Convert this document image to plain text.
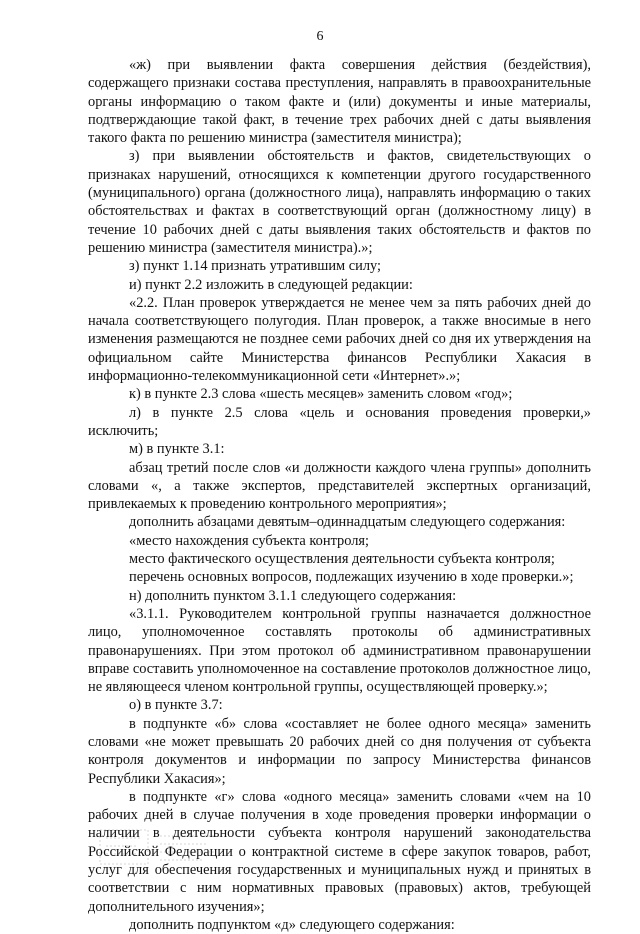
6

«ж) при выявлении факта совершения действия (бездействия), содержащего признаки состава преступления, направлять в правоохранительные органы информацию о таком факте и (или) документы и иные материалы, подтверждающие такой факт, в течение трех рабочих дней с даты выявления такого факта по решению министра (заместителя министра);

з) при выявлении обстоятельств и фактов, свидетельствующих о признаках нарушений, относящихся к компетенции другого государственного (муниципального) органа (должностного лица), направлять информацию о таких обстоятельствах и фактах в соответствующий орган (должностному лицу) в течение 10 рабочих дней с даты выявления таких обстоятельств и фактов по решению министра (заместителя министра).»;

з) пункт 1.14 признать утратившим силу;

и) пункт 2.2 изложить в следующей редакции:

«2.2. План проверок утверждается не менее чем за пять рабочих дней до начала соответствующего полугодия. План проверок, а также вносимые в него изменения размещаются не позднее семи рабочих дней со дня их утверждения на официальном сайте Министерства финансов Республики Хакасия в информационно-телекоммуникационной сети «Интернет».»;

к) в пункте 2.3 слова «шесть месяцев» заменить словом «год»;

л) в пункте 2.5 слова «цель и основания проведения проверки,» исключить;

м) в пункте 3.1:

абзац третий после слов «и должности каждого члена группы» дополнить словами «, а также экспертов, представителей экспертных организаций, привлекаемых к проведению контрольного мероприятия»;

дополнить абзацами девятым–одиннадцатым следующего содержания:

«место нахождения субъекта контроля;

место фактического осуществления деятельности субъекта контроля;

перечень основных вопросов, подлежащих изучению в ходе проверки.»;

н) дополнить пунктом 3.1.1 следующего содержания:

«3.1.1. Руководителем контрольной группы назначается должностное лицо, уполномоченное составлять протоколы об административных правонарушениях. При этом протокол об административном правонарушении вправе составить уполномоченное на составление протоколов должностное лицо, не являющееся членом контрольной группы, осуществляющей проверку.»;

о) в пункте 3.7:

в подпункте «б» слова «составляет не более одного месяца» заменить словами «не может превышать 20 рабочих дней со дня получения от субъекта контроля документов и информации по запросу Министерства финансов Республики Хакасия»;

в подпункте «г» слова «одного месяца» заменить словами «чем на 10 рабочих дней в случае получения в ходе проведения проверки информации о наличии в деятельности субъекта контроля нарушений законодательства Российской Федерации о контрактной системе в сфере закупок товаров, работ, услуг для обеспечения государственных и муниципальных нужд и принятых в соответствии с ним нормативных правовых (правовых) актов, требующей дополнительного изучения»;

дополнить подпунктом «д» следующего содержания:
